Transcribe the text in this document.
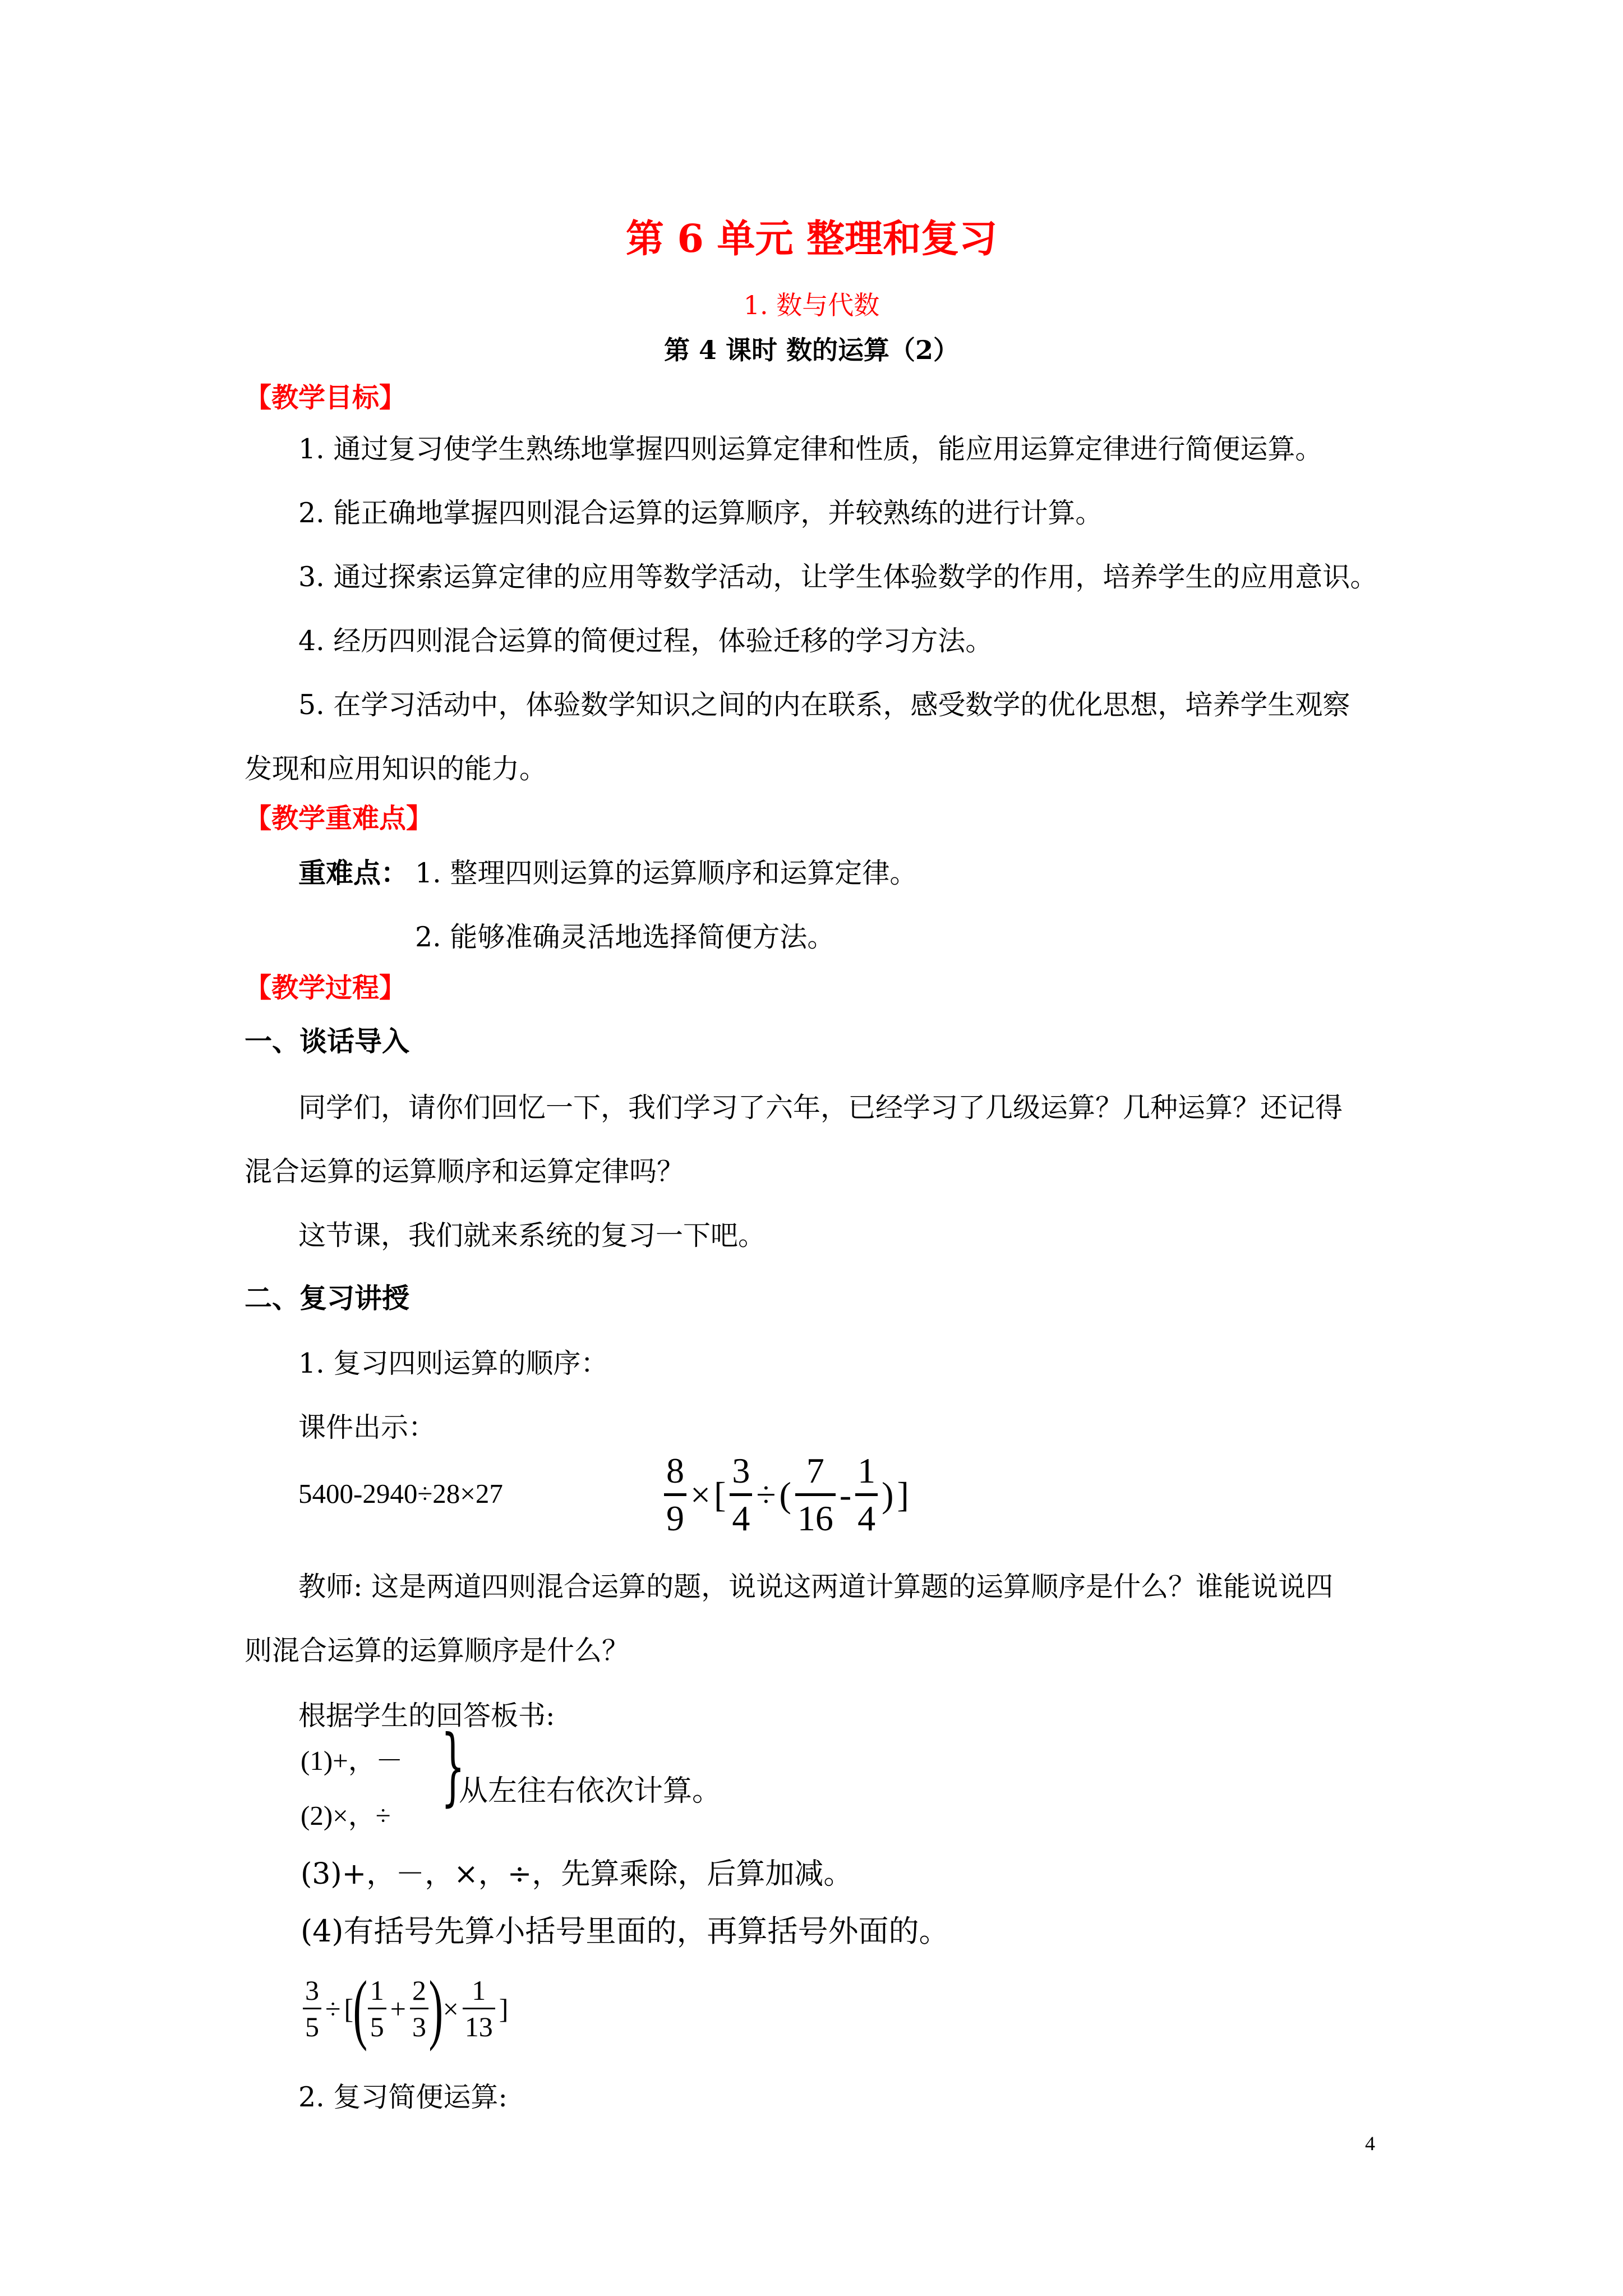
第 6 单元 整理和复习
1. 数与代数
第 4 课时 数的运算（2）
【教学目标】
1. 通过复习使学生熟练地掌握四则运算定律和性质，能应用运算定律进行简便运算。
2. 能正确地掌握四则混合运算的运算顺序，并较熟练的进行计算。
3. 通过探索运算定律的应用等数学活动，让学生体验数学的作用，培养学生的应用意识。
4. 经历四则混合运算的简便过程，体验迁移的学习方法。
5. 在学习活动中，体验数学知识之间的内在联系，感受数学的优化思想，培养学生观察
发现和应用知识的能力。
【教学重难点】
重难点： 1. 整理四则运算的运算顺序和运算定律。
2. 能够准确灵活地选择简便方法。
【教学过程】
一、谈话导入
同学们，请你们回忆一下，我们学习了六年，已经学习了几级运算？几种运算？还记得
混合运算的运算顺序和运算定律吗？
这节课，我们就来系统的复习一下吧。
二、复习讲授
1. 复习四则运算的顺序：
课件出示：
5400-2940÷28×27
8
9
× [
3
4
÷ (
7
16
-
1
4
) ]
教师: 这是两道四则混合运算的题，说说这两道计算题的运算顺序是什么？谁能说说四
则混合运算的运算顺序是什么？
根据学生的回答板书:
(1)+，－
(2)×，÷
}
从左往右依次计算。
(3)+，－，×，÷，先算乘除，后算加减。
(4)有括号先算小括号里面的，再算括号外面的。
$\frac{3}{5}$ ÷ [ ( $\frac{1}{5} + \frac{2}{3}$ ) × $\frac{1}{13}$ ]
2. 复习简便运算:
4
